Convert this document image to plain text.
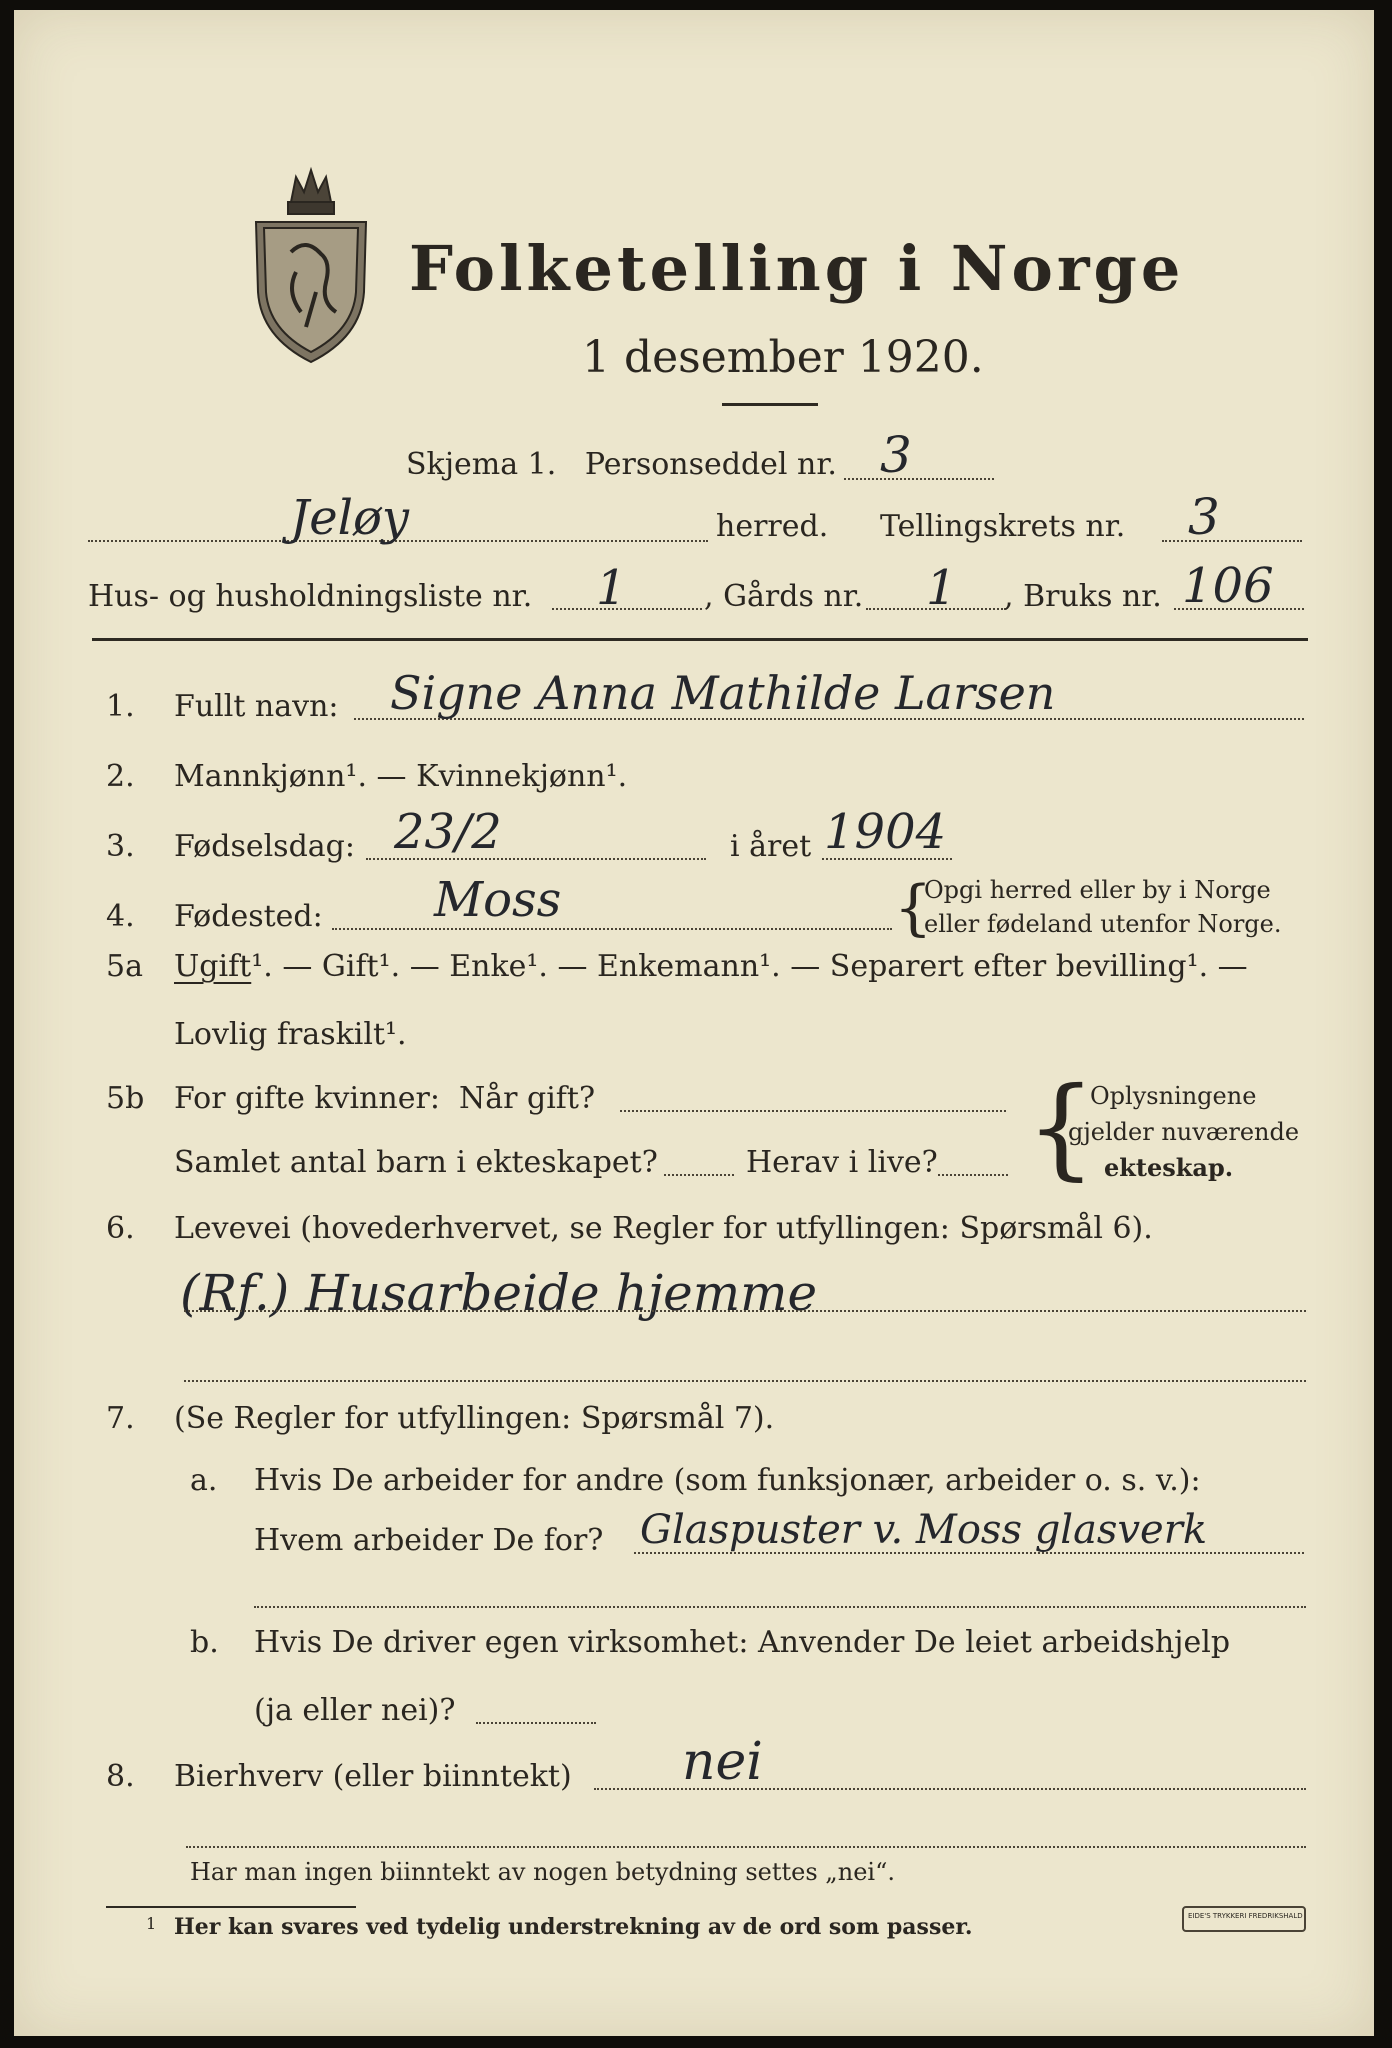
Folketelling i Norge
1 desember 1920.
Skjema 1.   Personseddel nr. 3
Jeløy	herred. Tellingskrets nr. 3
Hus- og husholdningsliste nr. 1	, Gårds nr. 1 , Bruks nr. 106
1. Fullt navn: Signe Anna Mathilde Larsen
2. Mannkjønn¹. — Kvinnekjønn¹.
3. Fødselsdag: 23/2	i året 1904
4. Fødested: Moss	{
Opgi herred eller by i Norge
eller fødeland utenfor Norge.
5a Ugift¹. — Gift¹. — Enke¹. — Enkemann¹. — Separert efter bevilling¹. —
Lovlig fraskilt¹.
5b For gifte kvinner:  Når gift?
Samlet antal barn i ekteskapet?	Herav i live? {
Oplysningene
gjelder nuværende
ekteskap.
6. Levevei (hovederhvervet, se Regler for utfyllingen: Spørsmål 6).
(Rf.) Husarbeide hjemme
7. (Se Regler for utfyllingen: Spørsmål 7).
a. Hvis De arbeider for andre (som funksjonær, arbeider o. s. v.):
Hvem arbeider De for? Glaspuster v. Moss glasverk
b. Hvis De driver egen virksomhet: Anvender De leiet arbeidshjelp
(ja eller nei)?
8. Bierhverv (eller biinntekt) nei
Har man ingen biinntekt av nogen betydning settes „nei“.
1 Her kan svares ved tydelig understrekning av de ord som passer.	EIDE'S TRYKKERI FREDRIKSHALD
